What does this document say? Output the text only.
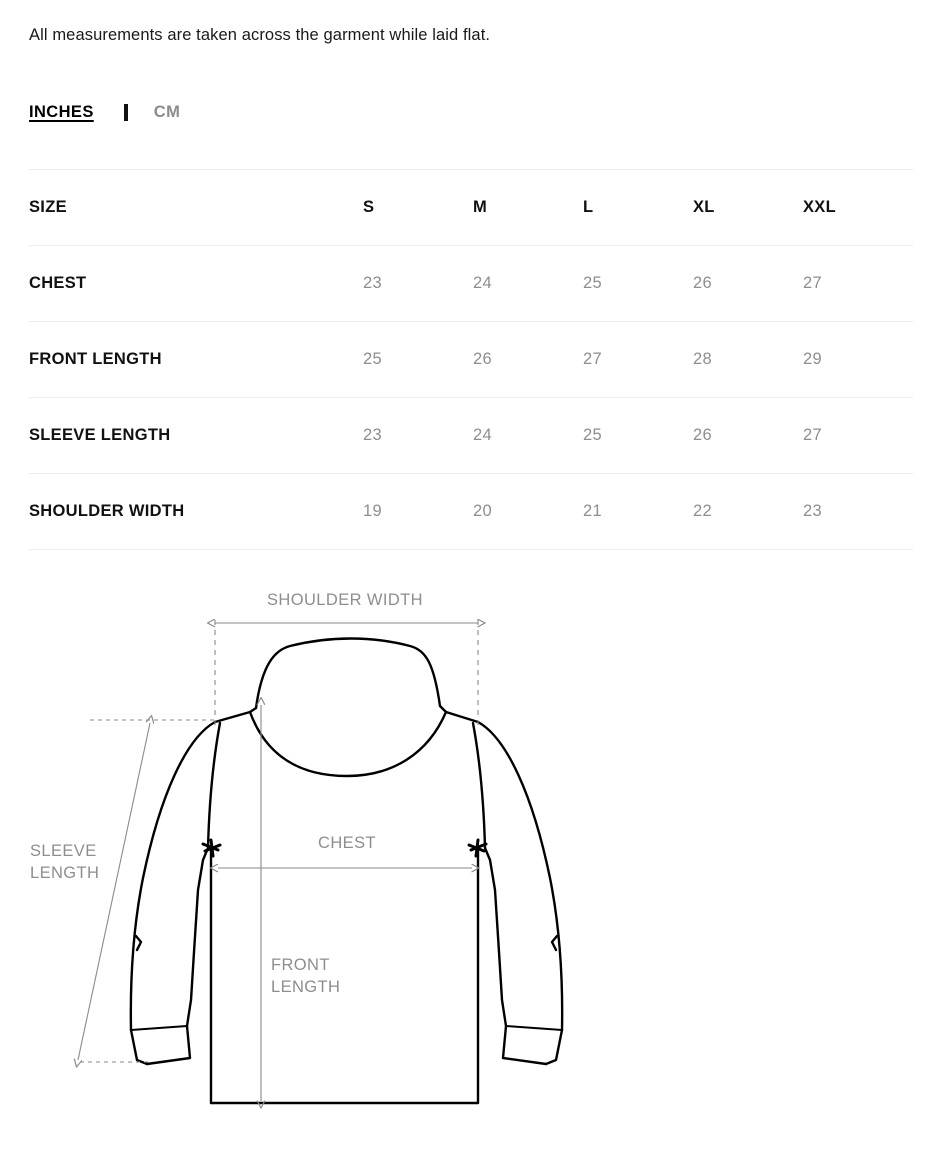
All measurements are taken across the garment while laid flat.
INCHES	CM
SIZE	S	M	L	XL	XXL
CHEST	23	24	25	26	27
FRONT LENGTH	25	26	27	28	29
SLEEVE LENGTH	23	24	25	26	27
SHOULDER WIDTH	19	20	21	22	23
SHOULDER WIDTH
CHEST
SLEEVE
LENGTH
FRONT
LENGTH
